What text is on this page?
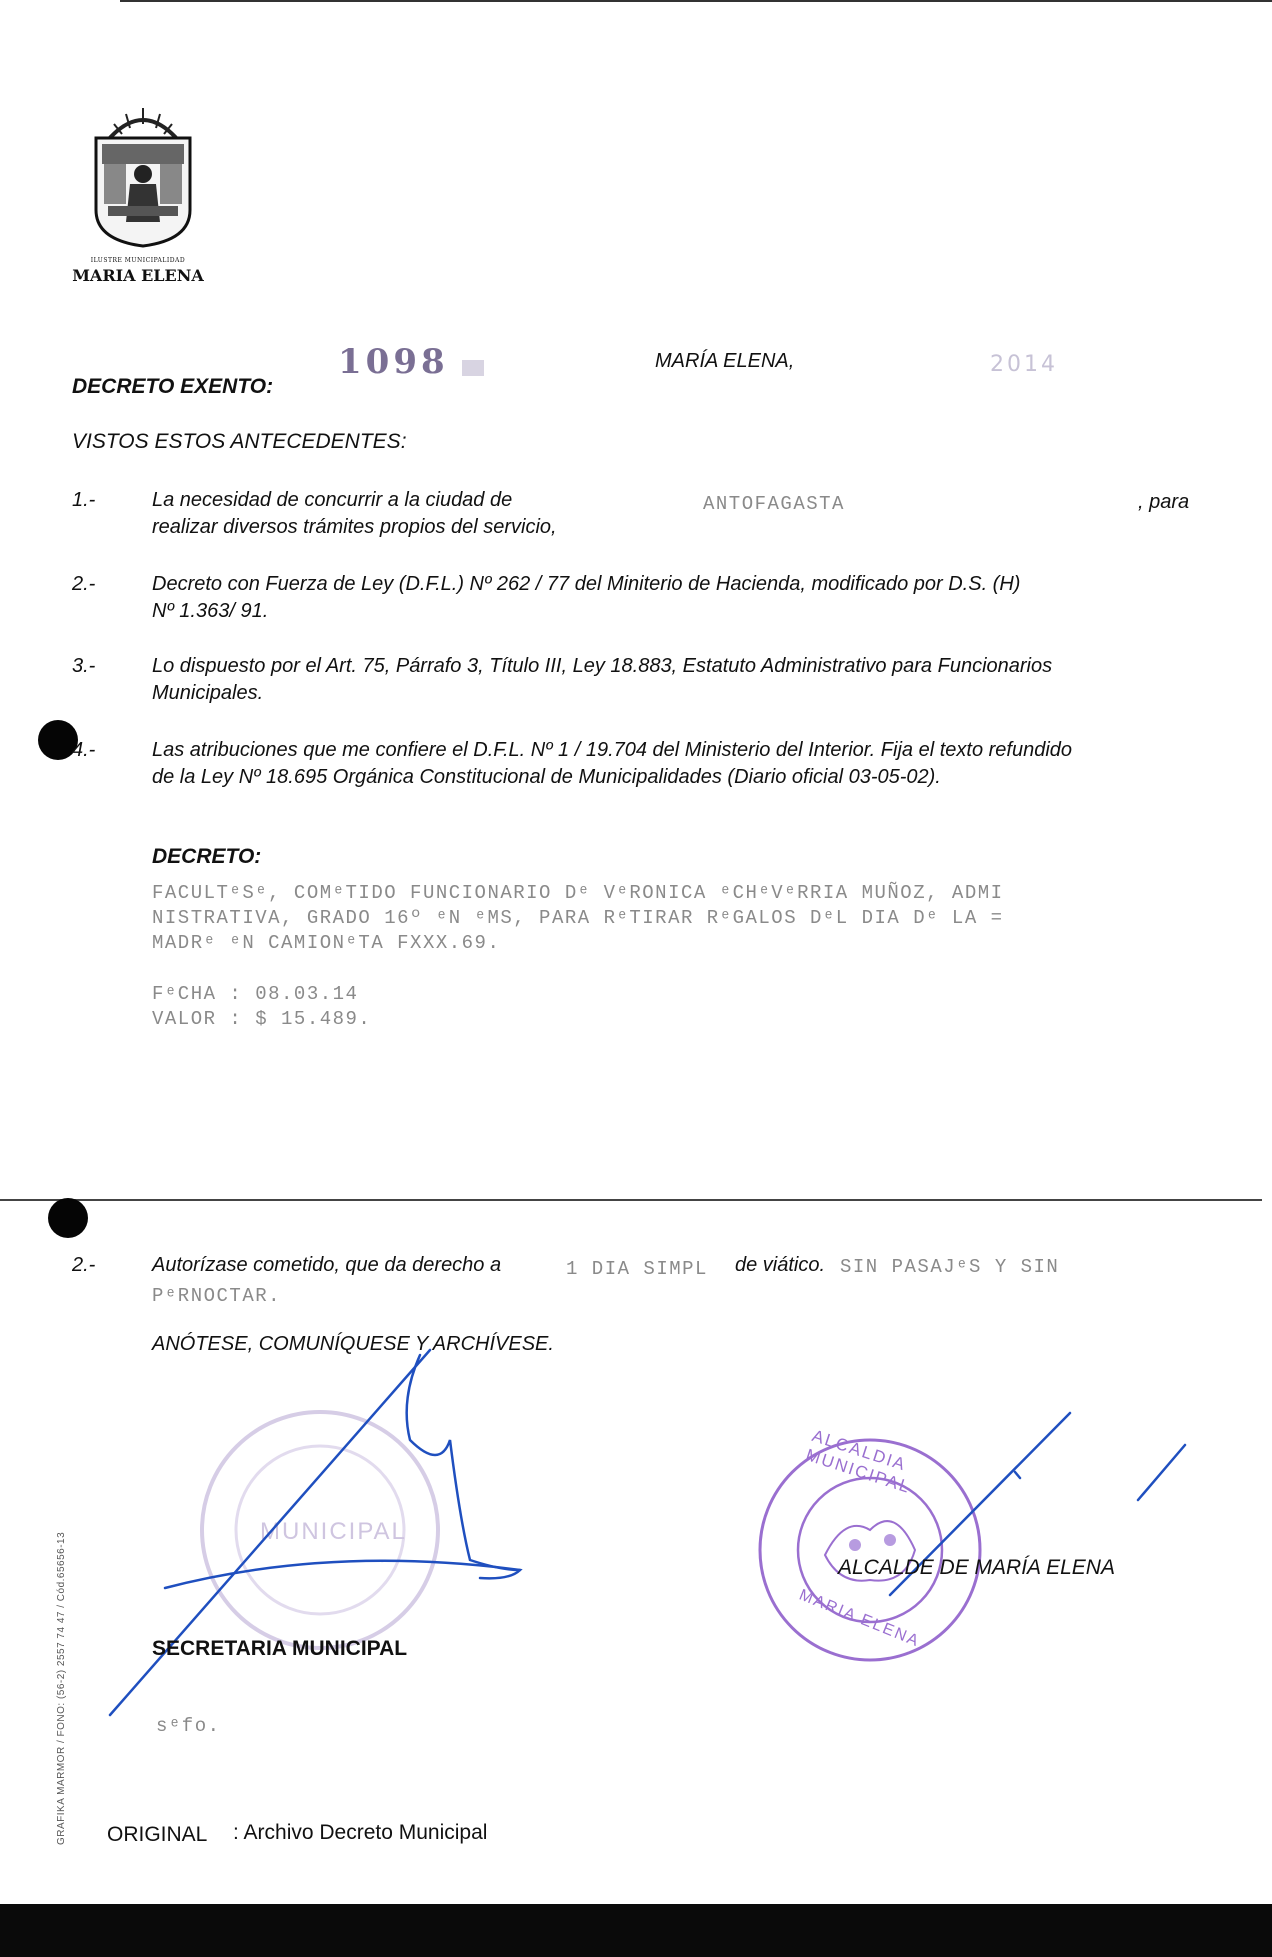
ILUSTRE MUNICIPALIDAD
MARIA ELENA
DECRETO EXENTO:
1098	MARÍA ELENA,	2014
VISTOS ESTOS ANTECEDENTES:
1.-	La necesidad de concurrir a la ciudad de	ANTOFAGASTA	, para
realizar diversos trámites propios del servicio,
2.-	Decreto con Fuerza de Ley (D.F.L.) Nº 262 / 77 del Miniterio de Hacienda, modificado por D.S. (H)
Nº 1.363/ 91.
3.-	Lo dispuesto por el Art. 75, Párrafo 3, Título III, Ley 18.883, Estatuto Administrativo para Funcionarios
Municipales.
4.-	Las atribuciones que me confiere el D.F.L. Nº 1 / 19.704 del Ministerio del Interior. Fija el texto refundido
de la Ley Nº 18.695 Orgánica Constitucional de Municipalidades (Diario oficial 03-05-02).
DECRETO:
FACULTᵉSᵉ, COMᵉTIDO FUNCIONARIO Dᵉ VᵉRONICA ᵉCHᵉVᵉRRIA MUÑOZ, ADMI
NISTRATIVA, GRADO 16º ᵉN ᵉMS, PARA RᵉTIRAR RᵉGALOS DᵉL DIA Dᵉ LA =
MADRᵉ ᵉN CAMIONᵉTA FXXX.69.
FᵉCHA : 08.03.14
VALOR : $ 15.489.
2.-	Autorízase cometido, que da derecho a	1 DIA SIMPL de viático. SIN PASAJᵉS Y SIN
PᵉRNOCTAR.
ANÓTESE, COMUNÍQUESE Y ARCHÍVESE.
MUNICIPAL
ALCALDIA MUNICIPAL
MARIA ELENA
SECRETARIA MUNICIPAL
ALCALDE DE MARÍA ELENA
sᵉfo.
ORIGINAL : Archivo Decreto Municipal
GRAFIKA MARMOR / FONO: (56-2) 2557 74 47 / Cód.65656-13
